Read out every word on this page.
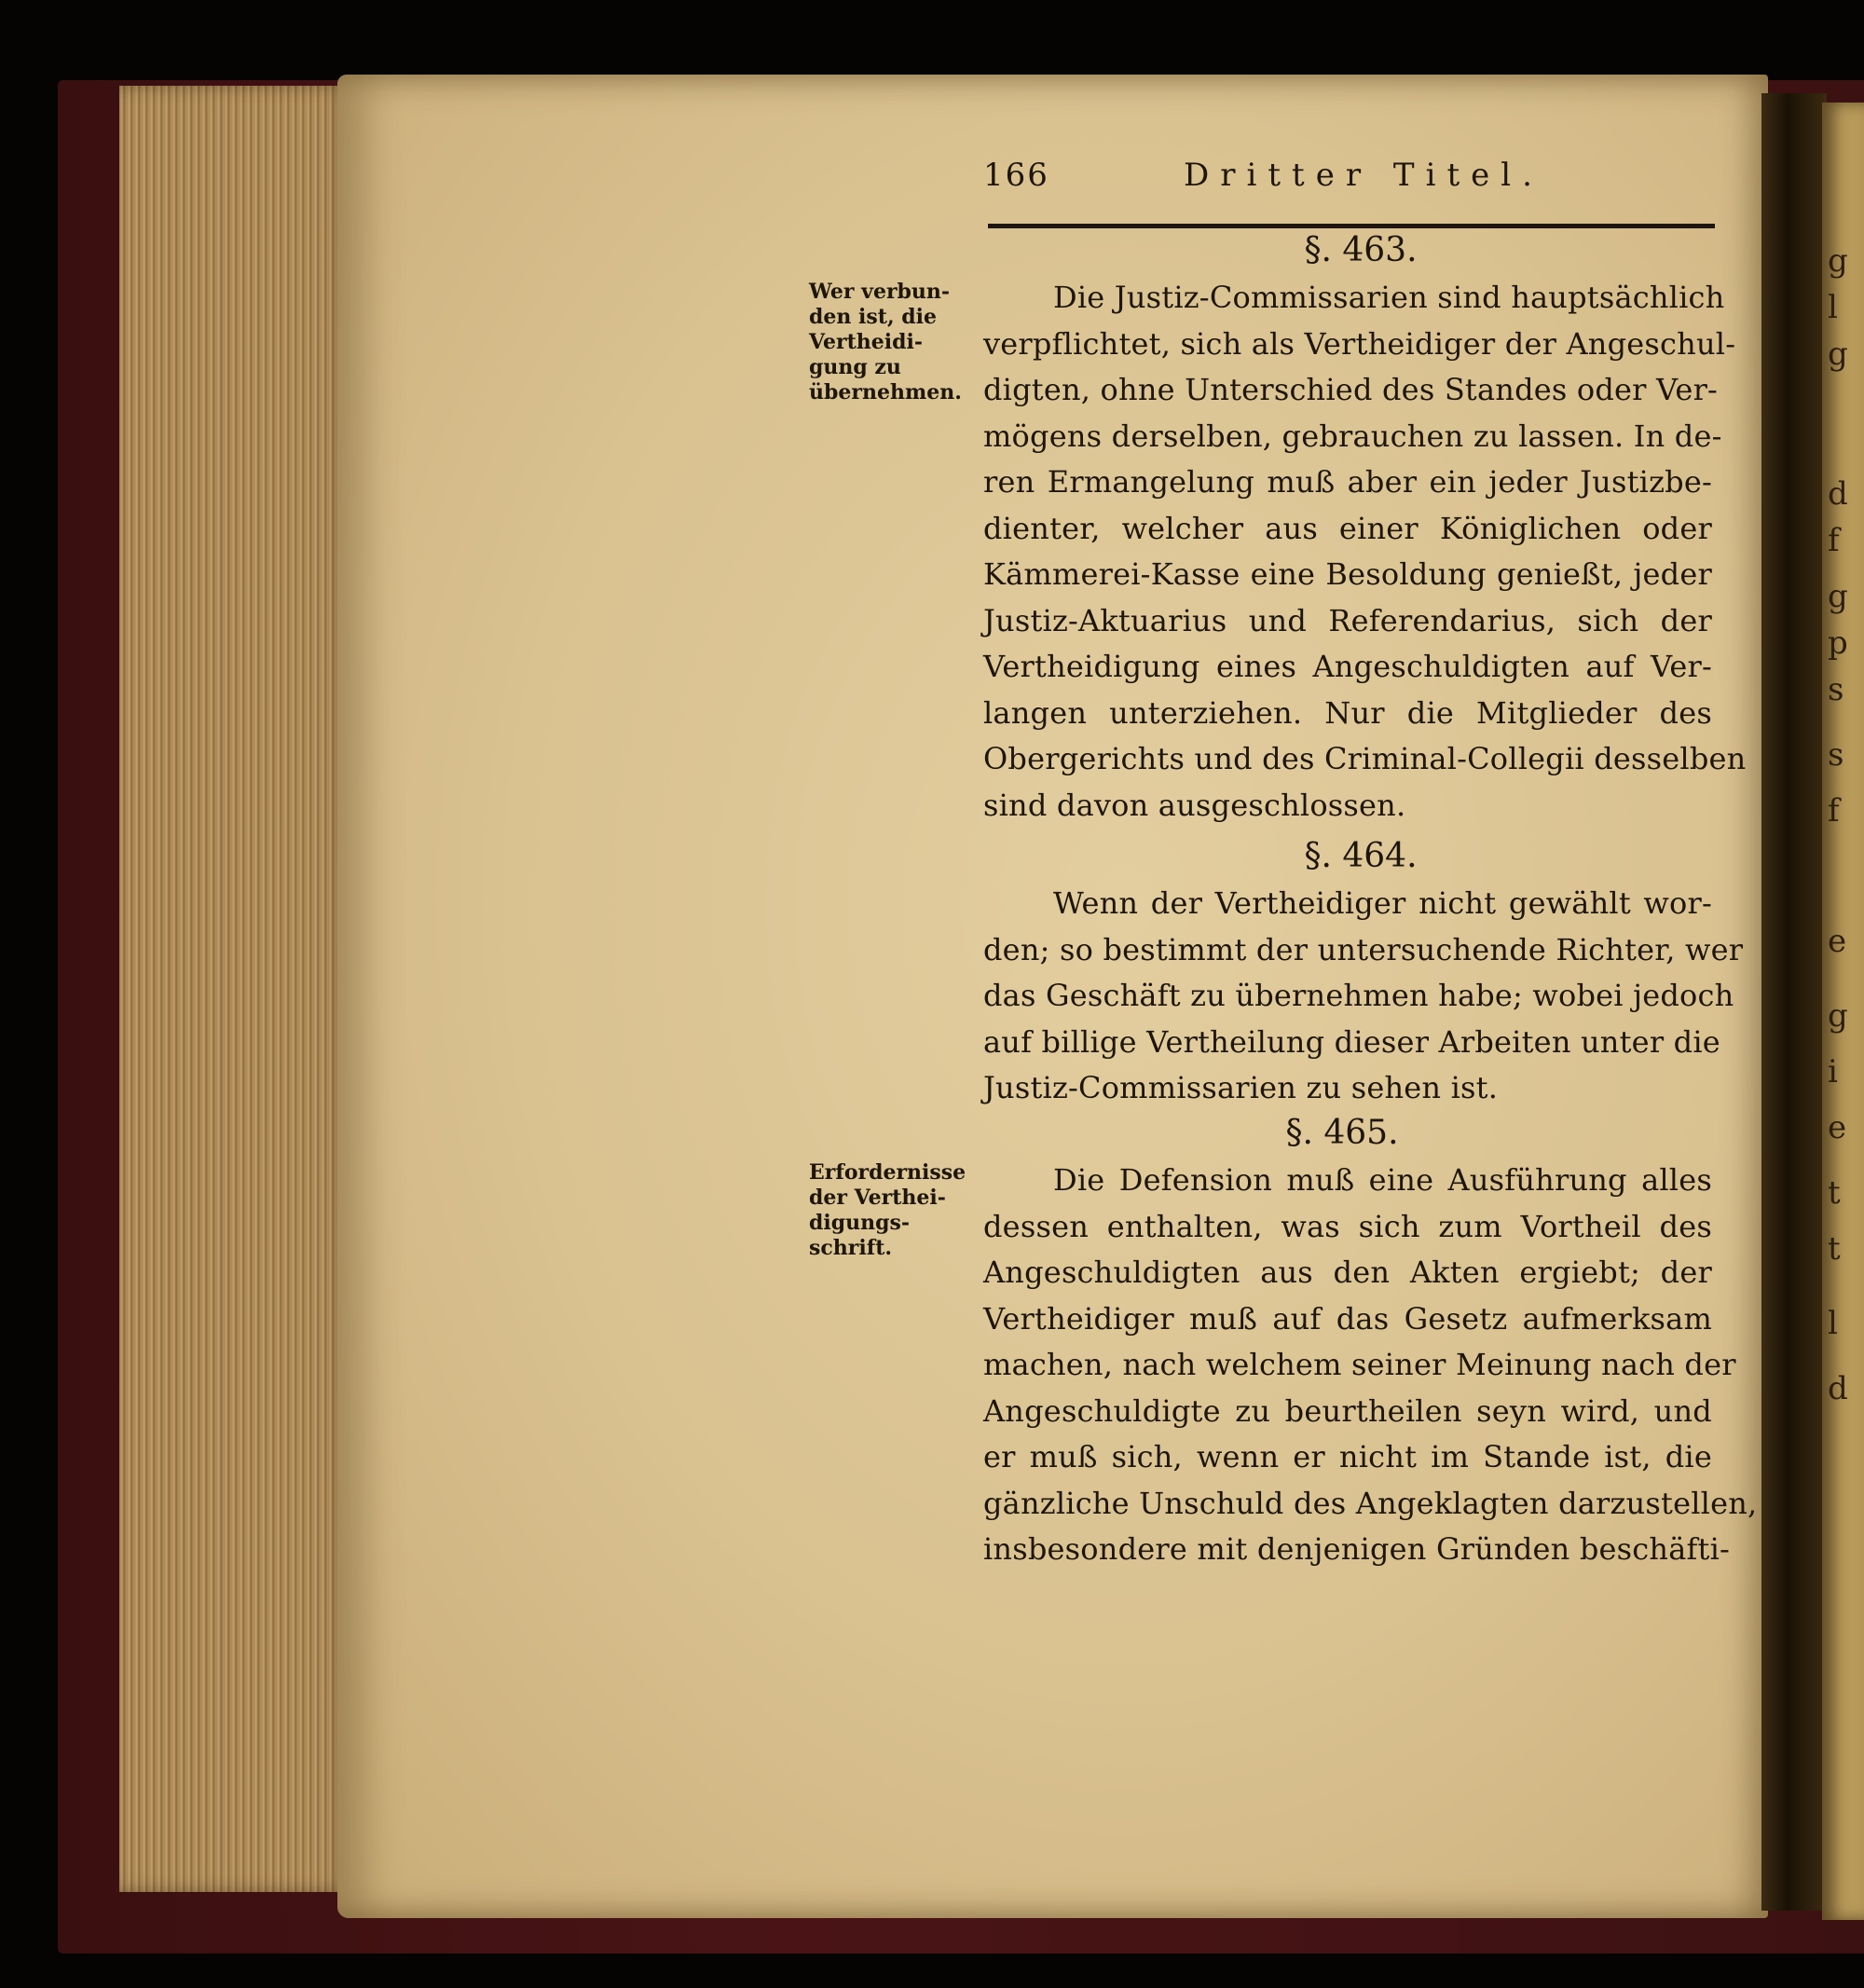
g
l
g
d
f
g
p
s
s
f
e
g
i
e
t
t
l
d
166	Dritter Titel.
§. 463.
Die Justiz-Commissarien sind hauptsächlich
verpflichtet, sich als Vertheidiger der Angeschul-
digten, ohne Unterschied des Standes oder Ver-
mögens derselben, gebrauchen zu lassen. In de-
ren Ermangelung muß aber ein jeder Justizbe-
dienter, welcher aus einer Königlichen oder
Kämmerei-Kasse eine Besoldung genießt, jeder
Justiz-Aktuarius und Referendarius, sich der
Vertheidigung eines Angeschuldigten auf Ver-
langen unterziehen. Nur die Mitglieder des
Obergerichts und des Criminal-Collegii desselben
sind davon ausgeschlossen.
Wer verbun-
den ist, die
Vertheidi-
gung zu
übernehmen.
§. 464.
Wenn der Vertheidiger nicht gewählt wor-
den; so bestimmt der untersuchende Richter, wer
das Geschäft zu übernehmen habe; wobei jedoch
auf billige Vertheilung dieser Arbeiten unter die
Justiz-Commissarien zu sehen ist.
§. 465.
Die Defension muß eine Ausführung alles
dessen enthalten, was sich zum Vortheil des
Angeschuldigten aus den Akten ergiebt; der
Vertheidiger muß auf das Gesetz aufmerksam
machen, nach welchem seiner Meinung nach der
Angeschuldigte zu beurtheilen seyn wird, und
er muß sich, wenn er nicht im Stande ist, die
gänzliche Unschuld des Angeklagten darzustellen,
insbesondere mit denjenigen Gründen beschäfti-
Erfordernisse
der Verthei-
digungs-
schrift.
